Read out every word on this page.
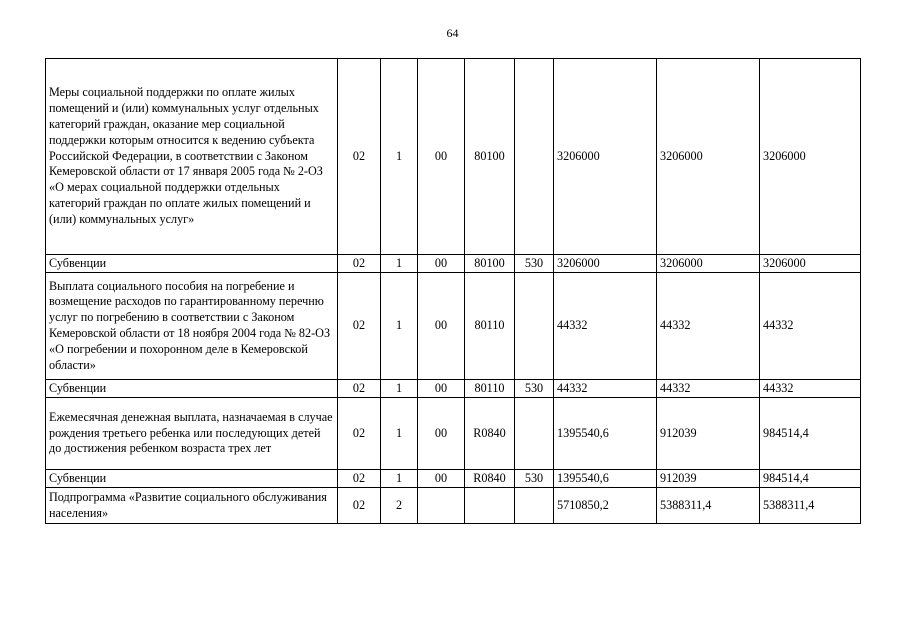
64
Меры социальной поддержки по оплате жилых помещений и (или) коммунальных услуг отдельных категорий граждан, оказание мер социальной поддержки которым относится к ведению субъекта Российской Федерации, в соответствии с Законом Кемеровской области от 17 января 2005 года № 2-ОЗ «О мерах социальной поддержки отдельных категорий граждан по оплате жилых помещений и (или) коммунальных услуг»	02	1	00	80100		3206000	3206000	3206000
Субвенции	02	1	00	80100	530	3206000	3206000	3206000
Выплата социального пособия на погребение и возмещение расходов по гарантированному перечню услуг по погребению в соответствии с Законом Кемеровской области от 18 ноября 2004 года № 82-ОЗ «О погребении и похоронном деле в Кемеровской области»	02	1	00	80110		44332	44332	44332
Субвенции	02	1	00	80110	530	44332	44332	44332
Ежемесячная денежная выплата, назначаемая в случае рождения третьего ребенка или последующих детей до достижения ребенком возраста трех лет	02	1	00	R0840		1395540,6	912039	984514,4
Субвенции	02	1	00	R0840	530	1395540,6	912039	984514,4
Подпрограмма «Развитие социального обслуживания населения»	02	2				5710850,2	5388311,4	5388311,4
